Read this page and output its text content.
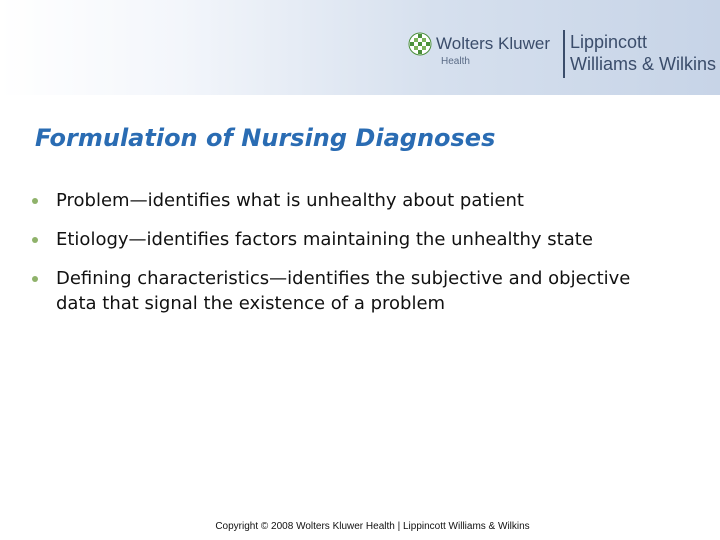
Wolters Kluwer
Health
Lippincott
Williams & Wilkins
Formulation of Nursing Diagnoses
Problem—identifies what is unhealthy about patient
Etiology—identifies factors maintaining the unhealthy state
Defining characteristics—identifies the subjective and objective data that signal the existence of a problem
Copyright © 2008 Wolters Kluwer Health | Lippincott Williams & Wilkins
